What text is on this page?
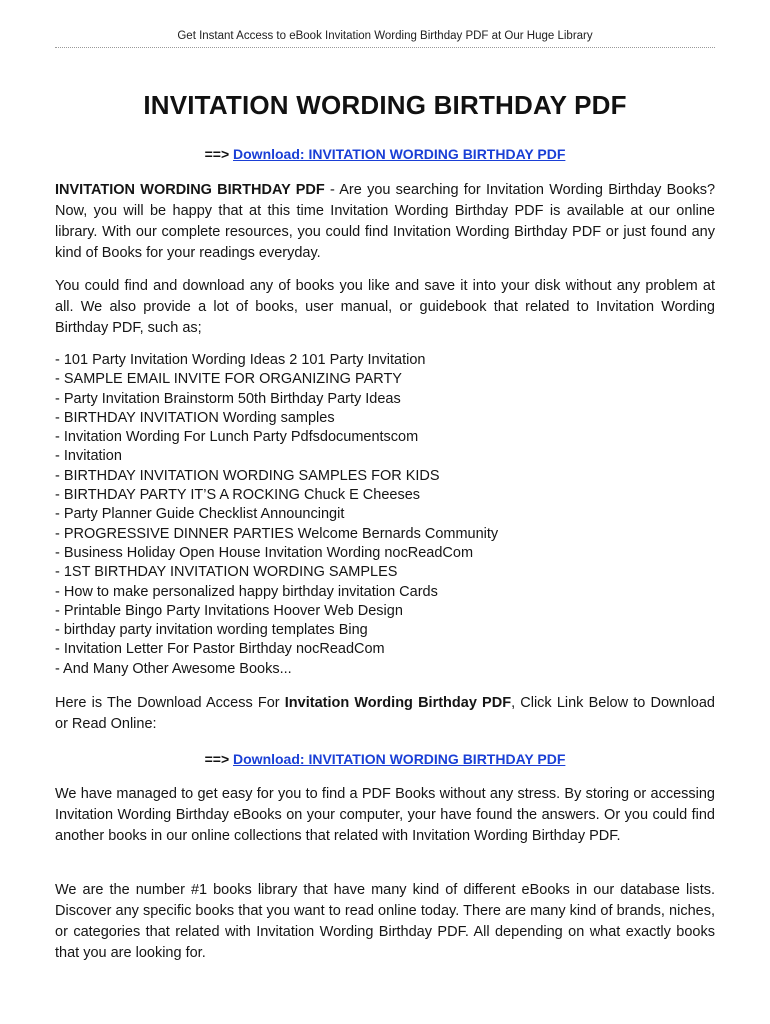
Get Instant Access to eBook Invitation Wording Birthday PDF at Our Huge Library
INVITATION WORDING BIRTHDAY PDF
==> Download: INVITATION WORDING BIRTHDAY PDF
INVITATION WORDING BIRTHDAY PDF - Are you searching for Invitation Wording Birthday Books? Now, you will be happy that at this time Invitation Wording Birthday PDF is available at our online library. With our complete resources, you could find Invitation Wording Birthday PDF or just found any kind of Books for your readings everyday.
You could find and download any of books you like and save it into your disk without any problem at all. We also provide a lot of books, user manual, or guidebook that related to Invitation Wording Birthday PDF, such as;
- 101 Party Invitation Wording Ideas 2 101 Party Invitation
- SAMPLE EMAIL INVITE FOR ORGANIZING PARTY
- Party Invitation Brainstorm 50th Birthday Party Ideas
- BIRTHDAY INVITATION Wording samples
- Invitation Wording For Lunch Party Pdfsdocumentscom
- Invitation
- BIRTHDAY INVITATION WORDING SAMPLES FOR KIDS
- BIRTHDAY PARTY IT’S A ROCKING Chuck E Cheeses
- Party Planner Guide Checklist Announcingit
- PROGRESSIVE DINNER PARTIES Welcome Bernards Community
- Business Holiday Open House Invitation Wording nocReadCom
- 1ST BIRTHDAY INVITATION WORDING SAMPLES
- How to make personalized happy birthday invitation Cards
- Printable Bingo Party Invitations Hoover Web Design
- birthday party invitation wording templates Bing
- Invitation Letter For Pastor Birthday nocReadCom
- And Many Other Awesome Books...
Here is The Download Access For Invitation Wording Birthday PDF, Click Link Below to Download or Read Online:
==> Download: INVITATION WORDING BIRTHDAY PDF
We have managed to get easy for you to find a PDF Books without any stress. By storing or accessing Invitation Wording Birthday eBooks on your computer, your have found the answers. Or you could find another books in our online collections that related with Invitation Wording Birthday PDF.
We are the number #1 books library that have many kind of different eBooks in our database lists. Discover any specific books that you want to read online today. There are many kind of brands, niches, or categories that related with Invitation Wording Birthday PDF. All depending on what exactly books that you are looking for.
